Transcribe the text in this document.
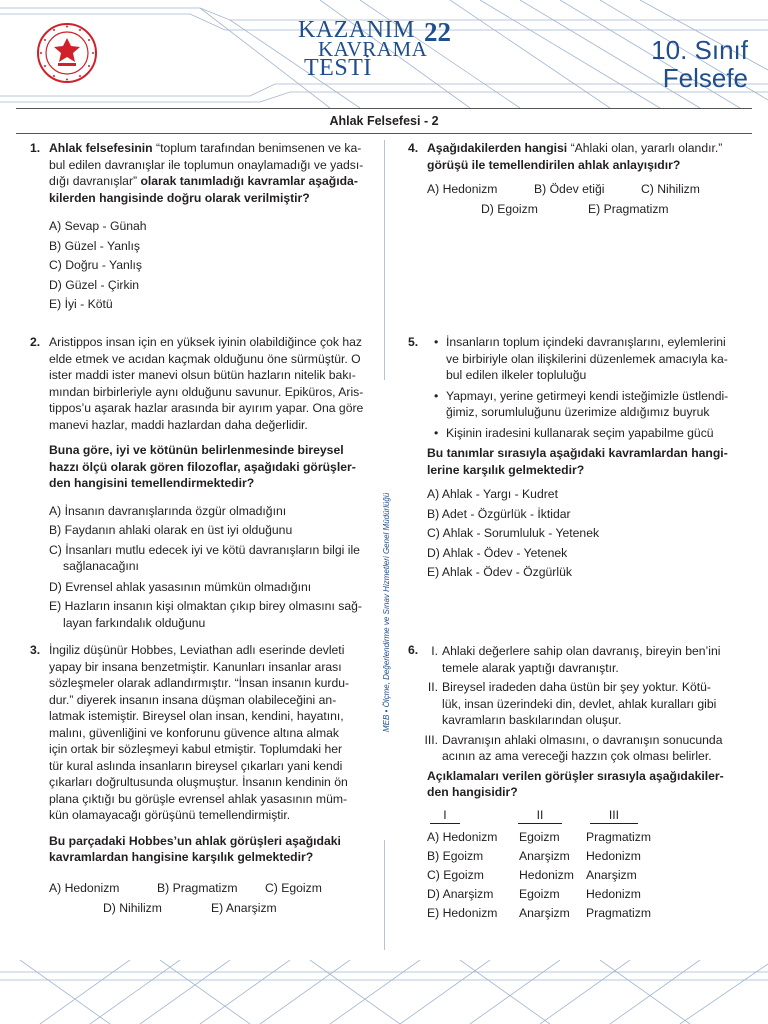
KAZANIM
KAVRAMA
TESTİ
22
10. Sınıf
Felsefe
Ahlak Felsefesi - 2
MEB • Ölçme, Değerlendirme ve Sınav Hizmetleri Genel Müdürlüğü
1. Ahlak felsefesinin “toplum tarafından benimsenen ve ka-

bul edilen davranışlar ile toplumun onaylamadığı ve yadsı-

dığı davranışlar” olarak tanımladığı kavramlar aşağıda-

kilerden hangisinde doğru olarak verilmiştir?

A) Sevap - Günah
B) Güzel - Yanlış
C) Doğru - Yanlış
D) Güzel - Çirkin
E) İyi - Kötü
2. Aristippos insan için en yüksek iyinin olabildiğince çok haz

elde etmek ve acıdan kaçmak olduğunu öne sürmüştür. O

ister maddi ister manevi olsun bütün hazların nitelik bakı-

mından birbirleriyle aynı olduğunu savunur. Epiküros, Aris-

tippos’u aşarak hazlar arasında bir ayırım yapar. Ona göre

manevi hazlar, maddi hazlardan daha değerlidir.

Buna göre, iyi ve kötünün belirlenmesinde bireysel

hazzı ölçü olarak gören filozoflar, aşağıdaki görüşler-

den hangisini temellendirmektedir?

A) İnsanın davranışlarında özgür olmadığını
B) Faydanın ahlaki olarak en üst iyi olduğunu
C) İnsanları mutlu edecek iyi ve kötü davranışların bilgi ile
sağlanacağını
D) Evrensel ahlak yasasının mümkün olmadığını
E) Hazların insanın kişi olmaktan çıkıp birey olmasını sağ-
layan farkındalık olduğunu
3. İngiliz düşünür Hobbes, Leviathan adlı eserinde devleti

yapay bir insana benzetmiştir. Kanunları insanlar arası

sözleşmeler olarak adlandırmıştır. “İnsan insanın kurdu-

dur.” diyerek insanın insana düşman olabileceğini an-

latmak istemiştir. Bireysel olan insan, kendini, hayatını,

malını, güvenliğini ve konforunu güvence altına almak

için ortak bir sözleşmeyi kabul etmiştir. Toplumdaki her

tür kural aslında insanların bireysel çıkarları yani kendi

çıkarları doğrultusunda oluşmuştur. İnsanın kendinin ön

plana çıktığı bu görüşle evrensel ahlak yasasının müm-

kün olamayacağı görüşünü temellendirmiştir.

Bu parçadaki Hobbes’un ahlak görüşleri aşağıdaki

kavramlardan hangisine karşılık gelmektedir?

A) Hedonizm	B) Pragmatizm C) Egoizm
D) Nihilizm	E) Anarşizm
4. Aşağıdakilerden hangisi “Ahlaki olan, yararlı olandır.”

görüşü ile temellendirilen ahlak anlayışıdır?

A) Hedonizm	B) Ödev etiği	C) Nihilizm
D) Egoizm	E) Pragmatizm
5. • İnsanların toplum içindeki davranışlarını, eylemlerini
ve birbiriyle olan ilişkilerini düzenlemek amacıyla ka-
bul edilen ilkeler topluluğu
• Yapmayı, yerine getirmeyi kendi isteğimizle üstlendi-
ğimiz, sorumluluğunu üzerimize aldığımız buyruk
• Kişinin iradesini kullanarak seçim yapabilme gücü

Bu tanımlar sırasıyla aşağıdaki kavramlardan hangi-

lerine karşılık gelmektedir?

A) Ahlak - Yargı - Kudret
B) Adet - Özgürlük - İktidar
C) Ahlak - Sorumluluk - Yetenek
D) Ahlak - Ödev - Yetenek
E) Ahlak - Ödev - Özgürlük
6.	I. Ahlaki değerlere sahip olan davranış, bireyin ben’ini
temele alarak yaptığı davranıştır.
II. Bireysel iradeden daha üstün bir şey yoktur. Kötü-
lük, insan üzerindeki din, devlet, ahlak kuralları gibi
kavramların baskılarından oluşur.
III. Davranışın ahlaki olmasını, o davranışın sonucunda
acının az ama vereceği hazzın çok olması belirler.

Açıklamaları verilen görüşler sırasıyla aşağıdakiler-

den hangisidir?

I	II	III
A) Hedonizm Egoizm Pragmatizm
B) Egoizm	Anarşizm Hedonizm
C) Egoizm	Hedonizm Anarşizm
D) Anarşizm Egoizm Hedonizm
E) Hedonizm Anarşizm Pragmatizm
